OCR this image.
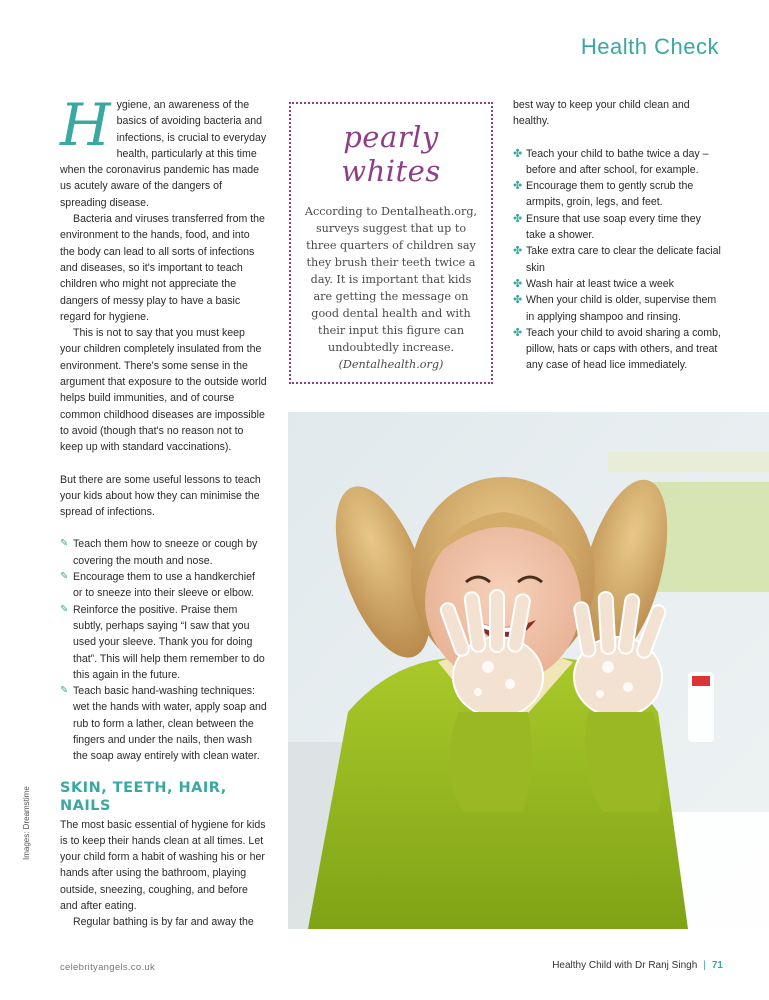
Health Check

Hygiene, an awareness of the basics of avoiding bacteria and infections, is crucial to everyday health, particularly at this time when the coronavirus pandemic has made us acutely aware of the dangers of spreading disease.

Bacteria and viruses transferred from the environment to the hands, food, and into the body can lead to all sorts of infections and diseases, so it's important to teach children who might not appreciate the dangers of messy play to have a basic regard for hygiene.

This is not to say that you must keep your children completely insulated from the environment. There's some sense in the argument that exposure to the outside world helps build immunities, and of course common childhood diseases are impossible to avoid (though that's no reason not to keep up with standard vaccinations).

But there are some useful lessons to teach your kids about how they can minimise the spread of infections.

✎ Teach them how to sneeze or cough by covering the mouth and nose.
✎ Encourage them to use a handkerchief or to sneeze into their sleeve or elbow.
✎ Reinforce the positive. Praise them subtly, perhaps saying “I saw that you used your sleeve. Thank you for doing that”. This will help them remember to do this again in the future.
✎ Teach basic hand-washing techniques: wet the hands with water, apply soap and rub to form a lather, clean between the fingers and under the nails, then wash the soap away entirely with clean water.
SKIN, TEETH, HAIR, NAILS

The most basic essential of hygiene for kids is to keep their hands clean at all times. Let your child form a habit of washing his or her hands after using the bathroom, playing outside, sneezing, coughing, and before and after eating.

Regular bathing is by far and away the

pearly whites
According to Dentalheath.org, surveys suggest that up to three quarters of children say they brush their teeth twice a day. It is important that kids are getting the message on good dental health and with their input this figure can undoubtedly increase.
(Dentalhealth.org)

best way to keep your child clean and healthy.

✤ Teach your child to bathe twice a day – before and after school, for example.
✤ Encourage them to gently scrub the armpits, groin, legs, and feet.
✤ Ensure that use soap every time they take a shower.
✤ Take extra care to clear the delicate facial skin
✤ Wash hair at least twice a week
✤ When your child is older, supervise them in applying shampoo and rinsing.
✤ Teach your child to avoid sharing a comb, pillow, hats or caps with others, and treat any case of head lice immediately.
Images: Dreamstime
celebrityangels.co.uk	Healthy Child with Dr Ranj Singh | 71
